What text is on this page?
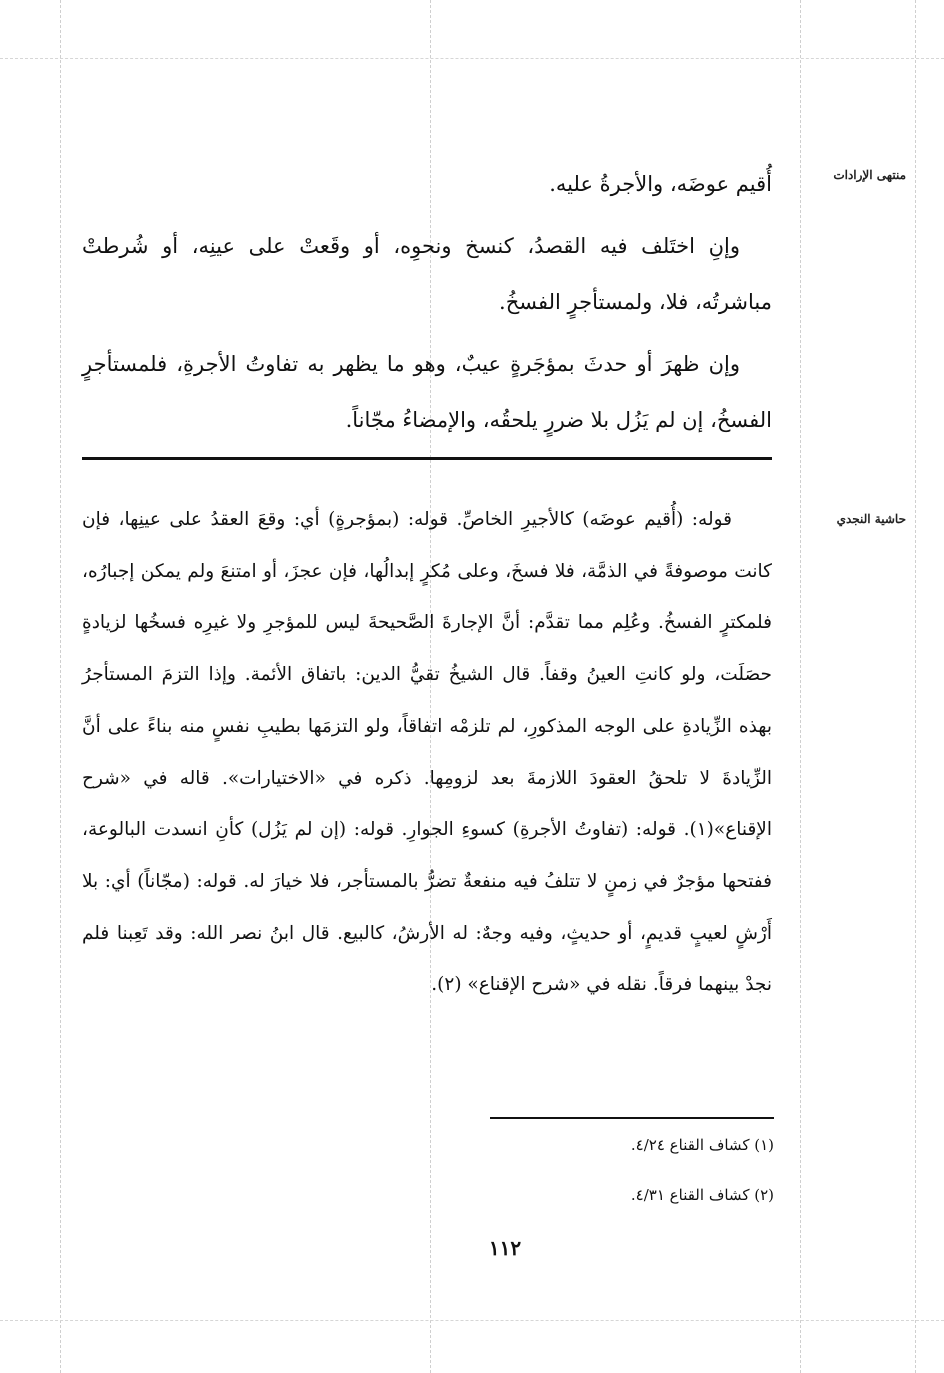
منتهى الإرادات
حاشية النجدي

أُقيم عوضَه، والأجرةُ عليه.

وإنِ اختَلف فيه القصدُ، كنسخ ونحوِه، أو وقَعتْ على عينِه، أو شُرطتْ مباشرتُه، فلا، ولمستأجرٍ الفسخُ.

وإن ظهرَ أو حدثَ بمؤجَرةٍ عيبٌ، وهو ما يظهر به تفاوتُ الأجرةِ، فلمستأجرٍ الفسخُ، إن لم يَزُل بلا ضررٍ يلحقُه، والإمضاءُ مجّاناً.

قوله: (أُقيم عوضَه) كالأجيرِ الخاصِّ. قوله: (بمؤجرةٍ) أي: وقعَ العقدُ على عينِها، فإن كانت موصوفةً في الذمَّة، فلا فسخَ، وعلى مُكرٍ إبدالُها، فإن عجزَ، أو امتنعَ ولم يمكن إجبارُه، فلمكترٍ الفسخُ. وعُلِم مما تقدَّم: أنَّ الإجارةَ الصَّحيحةَ ليس للمؤجرِ ولا غيرِه فسخُها لزيادةٍ حصَلَت، ولو كانتِ العينُ وقفاً. قال الشيخُ تقيُّ الدين: باتفاق الأئمة. وإذا التزمَ المستأجرُ بهذه الزِّيادةِ على الوجه المذكورِ، لم تلزمْه اتفاقاً، ولو التزمَها بطيبِ نفسٍ منه بناءً على أنَّ الزِّيادةَ لا تلحقُ العقودَ اللازمةَ بعد لزومِها. ذكره في «الاختيارات». قاله في «شرح الإقناع»(١). قوله: (تفاوتُ الأجرةِ) كسوءِ الجوارِ. قوله: (إن لم يَزُل) كأنِ انسدت البالوعة، ففتحها مؤجرٌ في زمنٍ لا تتلفُ فيه منفعةٌ تضرُّ بالمستأجر، فلا خيارَ له. قوله: (مجّاناً) أي: بلا أَرْشٍ لعيبٍ قديمٍ، أو حديثٍ، وفيه وجهٌ: له الأرشُ، كالبيع. قال ابنُ نصر الله: وقد تَعِبنا فلم نجدْ بينهما فرقاً. نقله في «شرح الإقناع» (٢).

(١) كشاف القناع ٤/٢٤.
(٢) كشاف القناع ٤/٣١.
١١٢
